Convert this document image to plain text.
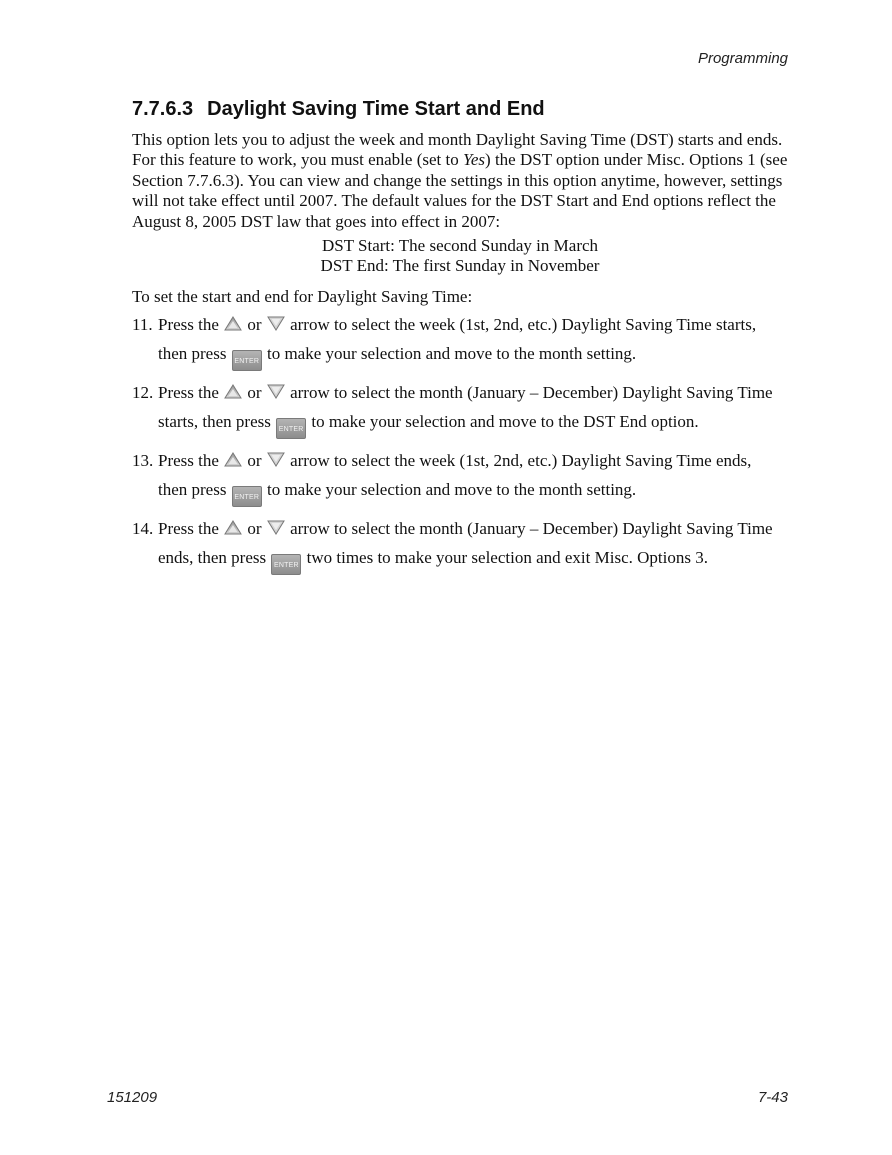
Programming
7.7.6.3 Daylight Saving Time Start and End

This option lets you to adjust the week and month Daylight Saving Time (DST) starts and ends. For this feature to work, you must enable (set to Yes) the DST option under Misc. Options 1 (see Section 7.7.6.3). You can view and change the settings in this option anytime, however, settings will not take effect until 2007. The default values for the DST Start and End options reflect the August 8, 2005 DST law that goes into effect in 2007:

DST Start: The second Sunday in March
DST End: The first Sunday in November

To set the start and end for Daylight Saving Time:

11. Press the or arrow to select the week (1st, 2nd, etc.) Daylight Saving Time starts,
then press ENTER to make your selection and move to the month setting.
12. Press the or arrow to select the month (January – December) Daylight Saving Time
starts, then press ENTER to make your selection and move to the DST End option.
13. Press the or arrow to select the week (1st, 2nd, etc.) Daylight Saving Time ends,
then press ENTER to make your selection and move to the month setting.
14. Press the or arrow to select the month (January – December) Daylight Saving Time
ends, then press ENTER two times to make your selection and exit Misc. Options 3.
151209	7-43
